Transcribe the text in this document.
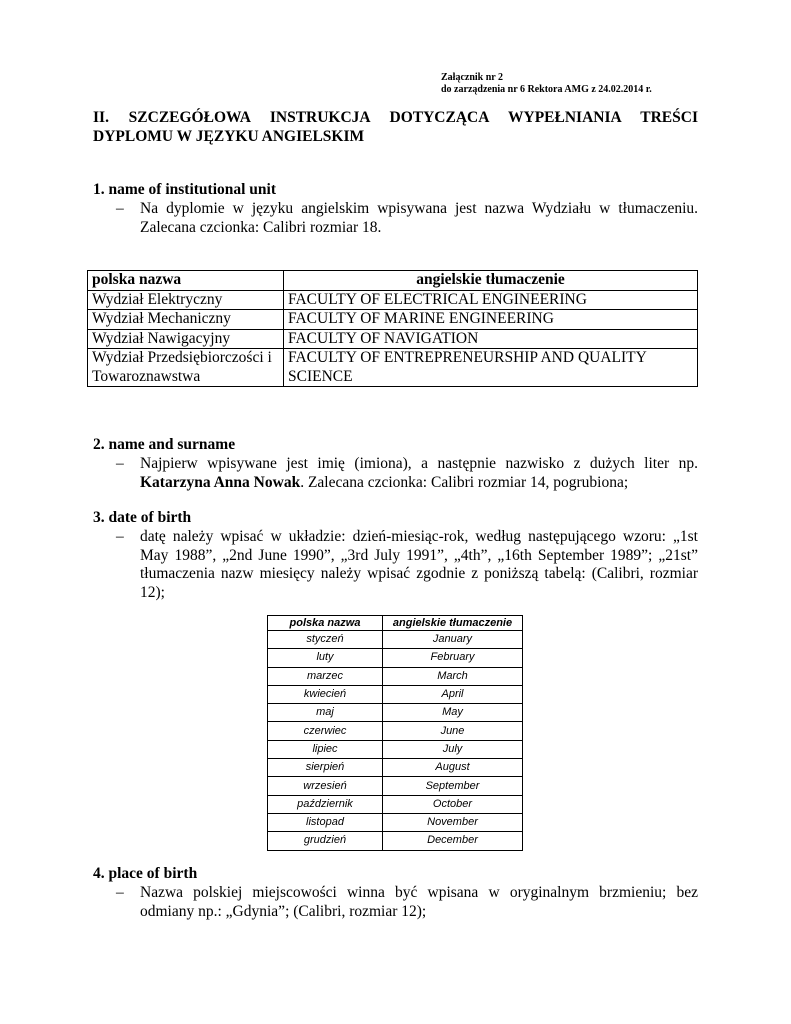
Załącznik nr 2
do zarządzenia nr 6 Rektora AMG z 24.02.2014 r.
II. SZCZEGÓŁOWA INSTRUKCJA DOTYCZĄCA WYPEŁNIANIA TREŚCI DYPLOMU W JĘZYKU ANGIELSKIM
1. name of institutional unit
– Na dyplomie w języku angielskim wpisywana jest nazwa Wydziału w tłumaczeniu. Zalecana czcionka: Calibri rozmiar 18.
polska nazwa	angielskie tłumaczenie
Wydział Elektryczny	FACULTY OF ELECTRICAL ENGINEERING
Wydział Mechaniczny	FACULTY OF MARINE ENGINEERING
Wydział Nawigacyjny	FACULTY OF NAVIGATION
Wydział Przedsiębiorczości i Towaroznawstwa	FACULTY OF ENTREPRENEURSHIP AND QUALITY SCIENCE
2. name and surname
– Najpierw wpisywane jest imię (imiona), a następnie nazwisko z dużych liter np. Katarzyna Anna Nowak. Zalecana czcionka: Calibri rozmiar 14, pogrubiona;
3. date of birth
– datę należy wpisać w układzie: dzień-miesiąc-rok, według następującego wzoru: „1st May 1988”, „2nd June 1990”, „3rd July 1991”, „4th”, „16th September 1989”; „21st” tłumaczenia nazw miesięcy należy wpisać zgodnie z poniższą tabelą: (Calibri, rozmiar 12);
polska nazwa	angielskie tłumaczenie
styczeń	January
luty	February
marzec	March
kwiecień	April
maj	May
czerwiec	June
lipiec	July
sierpień	August
wrzesień	September
październik	October
listopad	November
grudzień	December
4. place of birth
– Nazwa polskiej miejscowości winna być wpisana w oryginalnym brzmieniu; bez odmiany np.: „Gdynia”; (Calibri, rozmiar 12);
